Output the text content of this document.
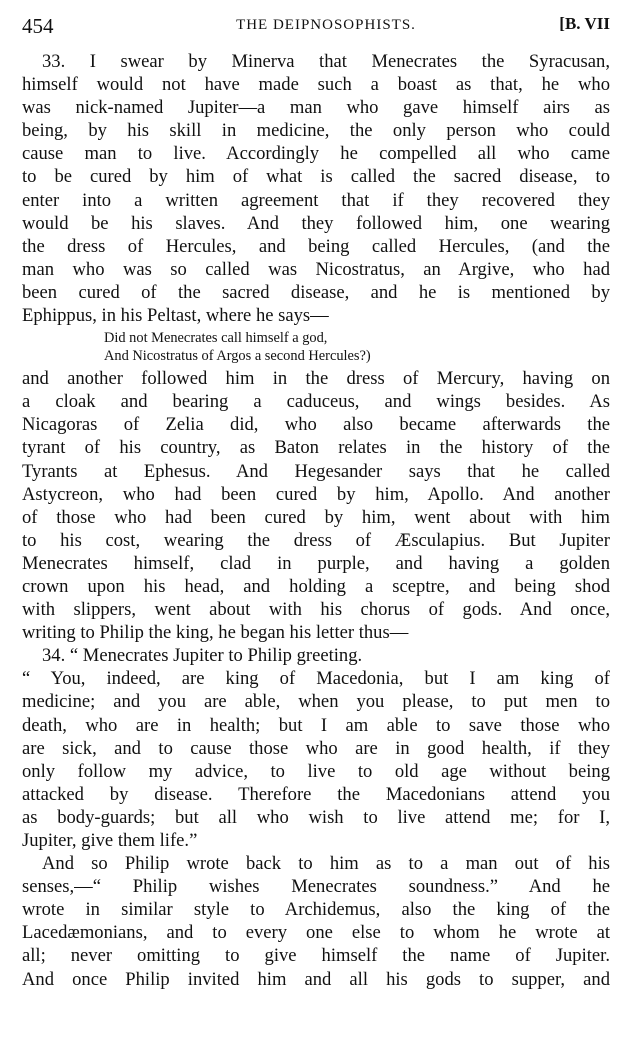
454	THE DEIPNOSOPHISTS.	[B. VII
33. I swear by Minerva that Menecrates the Syracusan,
himself would not have made such a boast as that, he who
was nick-named Jupiter—a man who gave himself airs as
being, by his skill in medicine, the only person who could
cause man to live. Accordingly he compelled all who came
to be cured by him of what is called the sacred disease, to
enter into a written agreement that if they recovered they
would be his slaves. And they followed him, one wearing
the dress of Hercules, and being called Hercules, (and the
man who was so called was Nicostratus, an Argive, who had
been cured of the sacred disease, and he is mentioned by
Ephippus, in his Peltast, where he says—
Did not Menecrates call himself a god,
And Nicostratus of Argos a second Hercules?)
and another followed him in the dress of Mercury, having on
a cloak and bearing a caduceus, and wings besides. As
Nicagoras of Zelia did, who also became afterwards the
tyrant of his country, as Baton relates in the history of the
Tyrants at Ephesus. And Hegesander says that he called
Astycreon, who had been cured by him, Apollo. And another
of those who had been cured by him, went about with him
to his cost, wearing the dress of Æsculapius. But Jupiter
Menecrates himself, clad in purple, and having a golden
crown upon his head, and holding a sceptre, and being shod
with slippers, went about with his chorus of gods. And once,
writing to Philip the king, he began his letter thus—
34. “ Menecrates Jupiter to Philip greeting.
“ You, indeed, are king of Macedonia, but I am king of
medicine; and you are able, when you please, to put men to
death, who are in health; but I am able to save those who
are sick, and to cause those who are in good health, if they
only follow my advice, to live to old age without being
attacked by disease. Therefore the Macedonians attend you
as body-guards; but all who wish to live attend me; for I,
Jupiter, give them life.”
And so Philip wrote back to him as to a man out of his
senses,—“ Philip wishes Menecrates soundness.” And he
wrote in similar style to Archidemus, also the king of the
Lacedæmonians, and to every one else to whom he wrote at
all; never omitting to give himself the name of Jupiter.
And once Philip invited him and all his gods to supper, and
